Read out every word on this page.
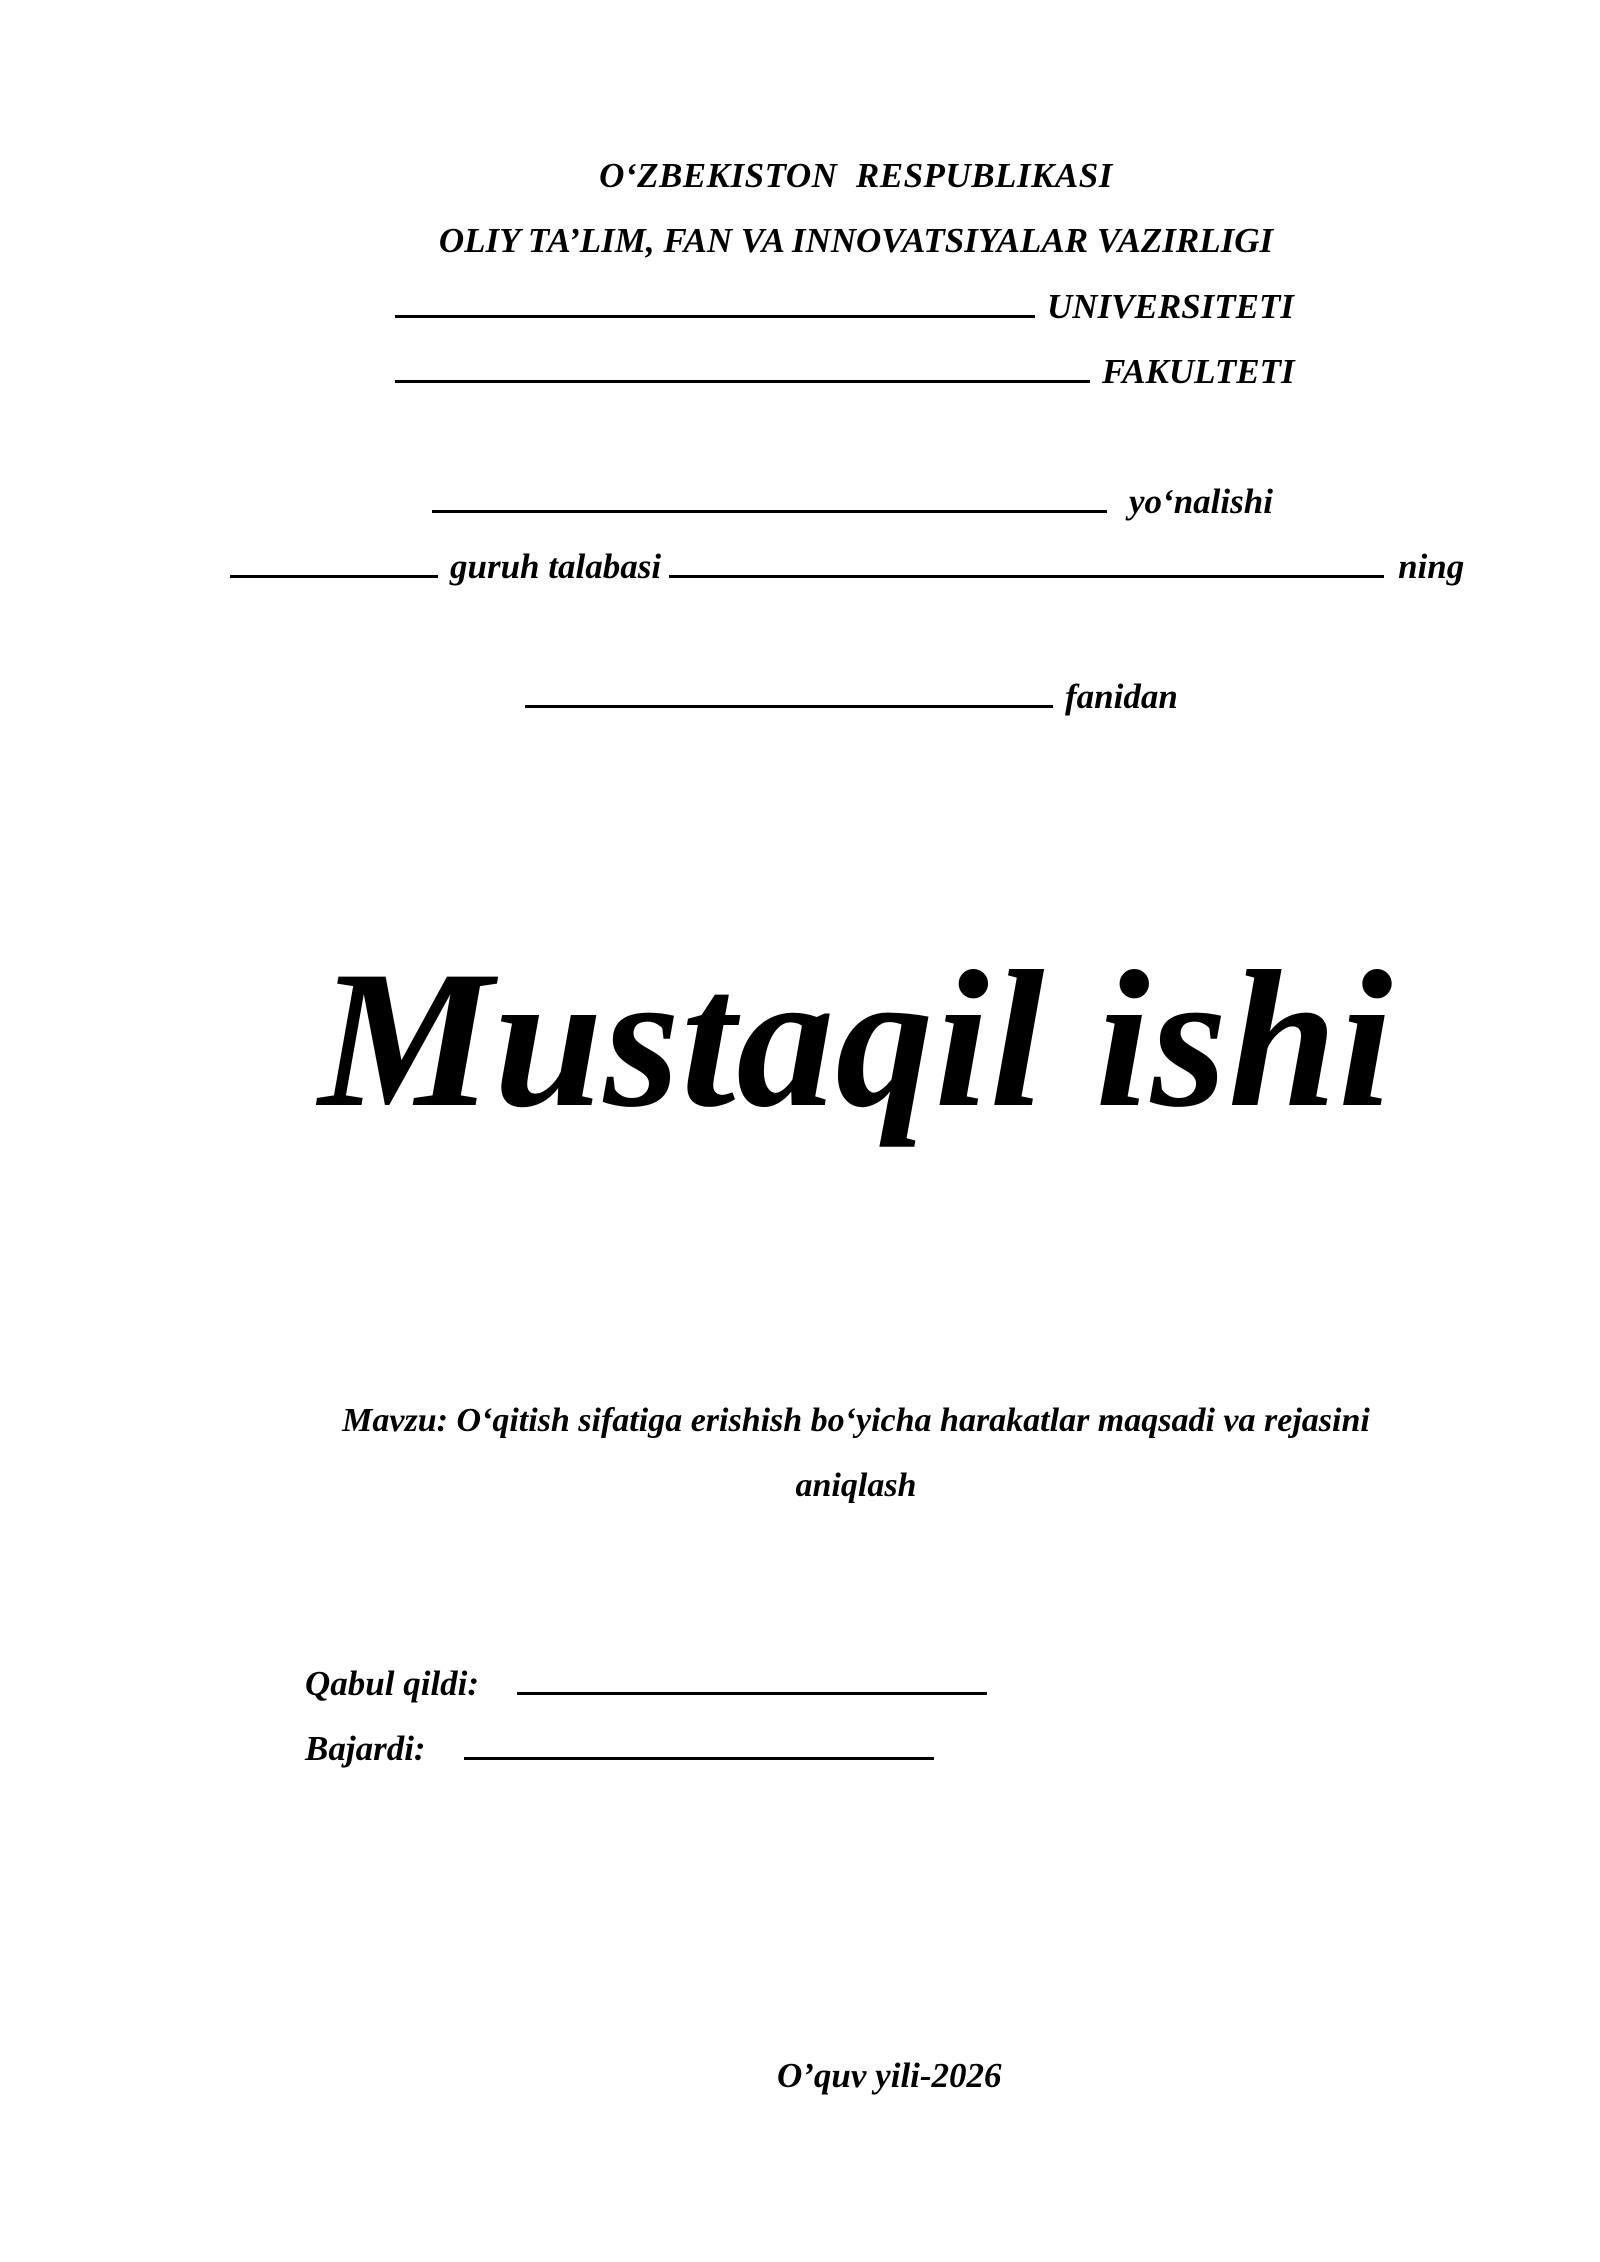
O‘ZBEKISTON  RESPUBLIKASI
OLIY TA’LIM, FAN VA INNOVATSIYALAR VAZIRLIGI
UNIVERSITETI
FAKULTETI
yo‘nalishi
guruh talabasi	ning
fanidan
Mustaqil ishi
Mavzu: O‘qitish sifatiga erishish bo‘yicha harakatlar maqsadi va rejasini
aniqlash
Qabul qildi:
Bajardi:
O’quv yili-2026
